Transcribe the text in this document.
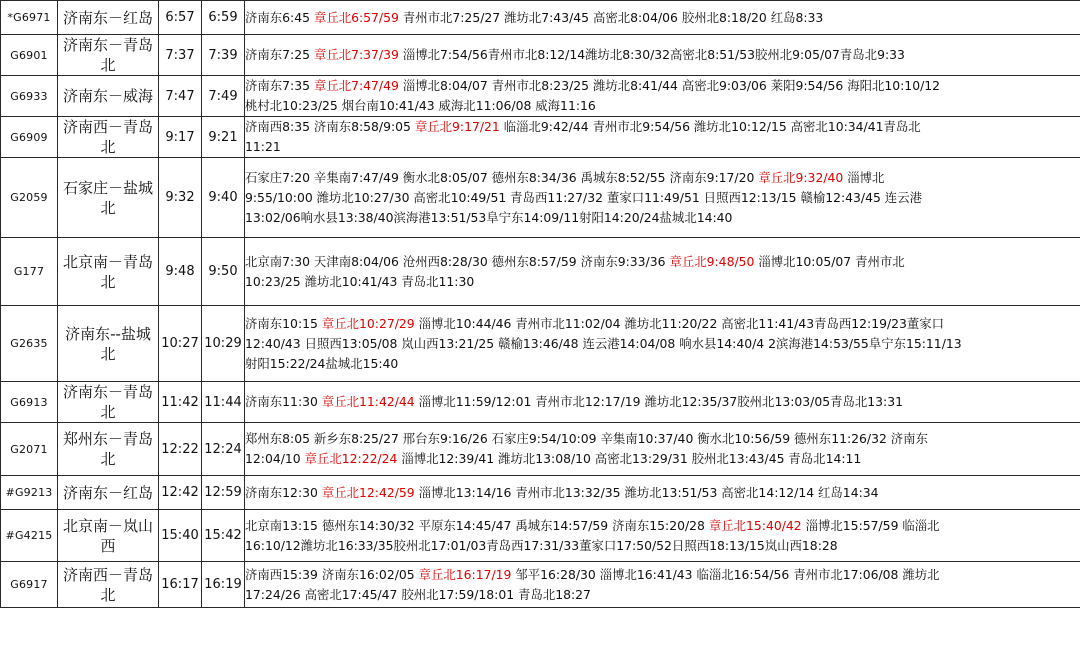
*G6971	济南东－红岛	6:57	6:59	济南东6:45 章丘北6:57/59 青州市北7:25/27 潍坊北7:43/45 高密北8:04/06 胶州北8:18/20 红岛8:33
G6901	济南东－青岛北	7:37	7:39	济南东7:25 章丘北7:37/39 淄博北7:54/56青州市北8:12/14潍坊北8:30/32高密北8:51/53胶州北9:05/07青岛北9:33
G6933	济南东－威海	7:47	7:49	济南东7:35 章丘北7:47/49 淄博北8:04/07 青州市北8:23/25 潍坊北8:41/44 高密北9:03/06 莱阳9:54/56 海阳北10:10/12
桃村北10:23/25 烟台南10:41/43 威海北11:06/08 威海11:16
G6909	济南西－青岛北	9:17	9:21	济南西8:35 济南东8:58/9:05 章丘北9:17/21 临淄北9:42/44 青州市北9:54/56 潍坊北10:12/15 高密北10:34/41青岛北
11:21
G2059	石家庄－盐城北	9:32	9:40	石家庄7:20 辛集南7:47/49 衡水北8:05/07 德州东8:34/36 禹城东8:52/55 济南东9:17/20 章丘北9:32/40 淄博北
9:55/10:00 潍坊北10:27/30 高密北10:49/51 青岛西11:27/32 董家口11:49/51 日照西12:13/15 赣榆12:43/45 连云港
13:02/06响水县13:38/40滨海港13:51/53阜宁东14:09/11射阳14:20/24盐城北14:40
G177	北京南－青岛北	9:48	9:50	北京南7:30 天津南8:04/06 沧州西8:28/30 德州东8:57/59 济南东9:33/36 章丘北9:48/50 淄博北10:05/07 青州市北
10:23/25 潍坊北10:41/43 青岛北11:30
G2635	济南东--盐城北	10:27	10:29	济南东10:15 章丘北10:27/29 淄博北10:44/46 青州市北11:02/04 潍坊北11:20/22 高密北11:41/43青岛西12:19/23董家口
12:40/43 日照西13:05/08 岚山西13:21/25 赣榆13:46/48 连云港14:04/08 响水县14:40/4 2滨海港14:53/55阜宁东15:11/13
射阳15:22/24盐城北15:40
G6913	济南东－青岛北	11:42	11:44	济南东11:30 章丘北11:42/44 淄博北11:59/12:01 青州市北12:17/19 潍坊北12:35/37胶州北13:03/05青岛北13:31
G2071	郑州东－青岛北	12:22	12:24	郑州东8:05 新乡东8:25/27 邢台东9:16/26 石家庄9:54/10:09 辛集南10:37/40 衡水北10:56/59 德州东11:26/32 济南东
12:04/10 章丘北12:22/24 淄博北12:39/41 潍坊北13:08/10 高密北13:29/31 胶州北13:43/45 青岛北14:11
#G9213	济南东－红岛	12:42	12:59	济南东12:30 章丘北12:42/59 淄博北13:14/16 青州市北13:32/35 潍坊北13:51/53 高密北14:12/14 红岛14:34
#G4215	北京南－岚山西	15:40	15:42	北京南13:15 德州东14:30/32 平原东14:45/47 禹城东14:57/59 济南东15:20/28 章丘北15:40/42 淄博北15:57/59 临淄北
16:10/12潍坊北16:33/35胶州北17:01/03青岛西17:31/33董家口17:50/52日照西18:13/15岚山西18:28
G6917	济南西－青岛北	16:17	16:19	济南西15:39 济南东16:02/05 章丘北16:17/19 邹平16:28/30 淄博北16:41/43 临淄北16:54/56 青州市北17:06/08 潍坊北
17:24/26 高密北17:45/47 胶州北17:59/18:01 青岛北18:27
